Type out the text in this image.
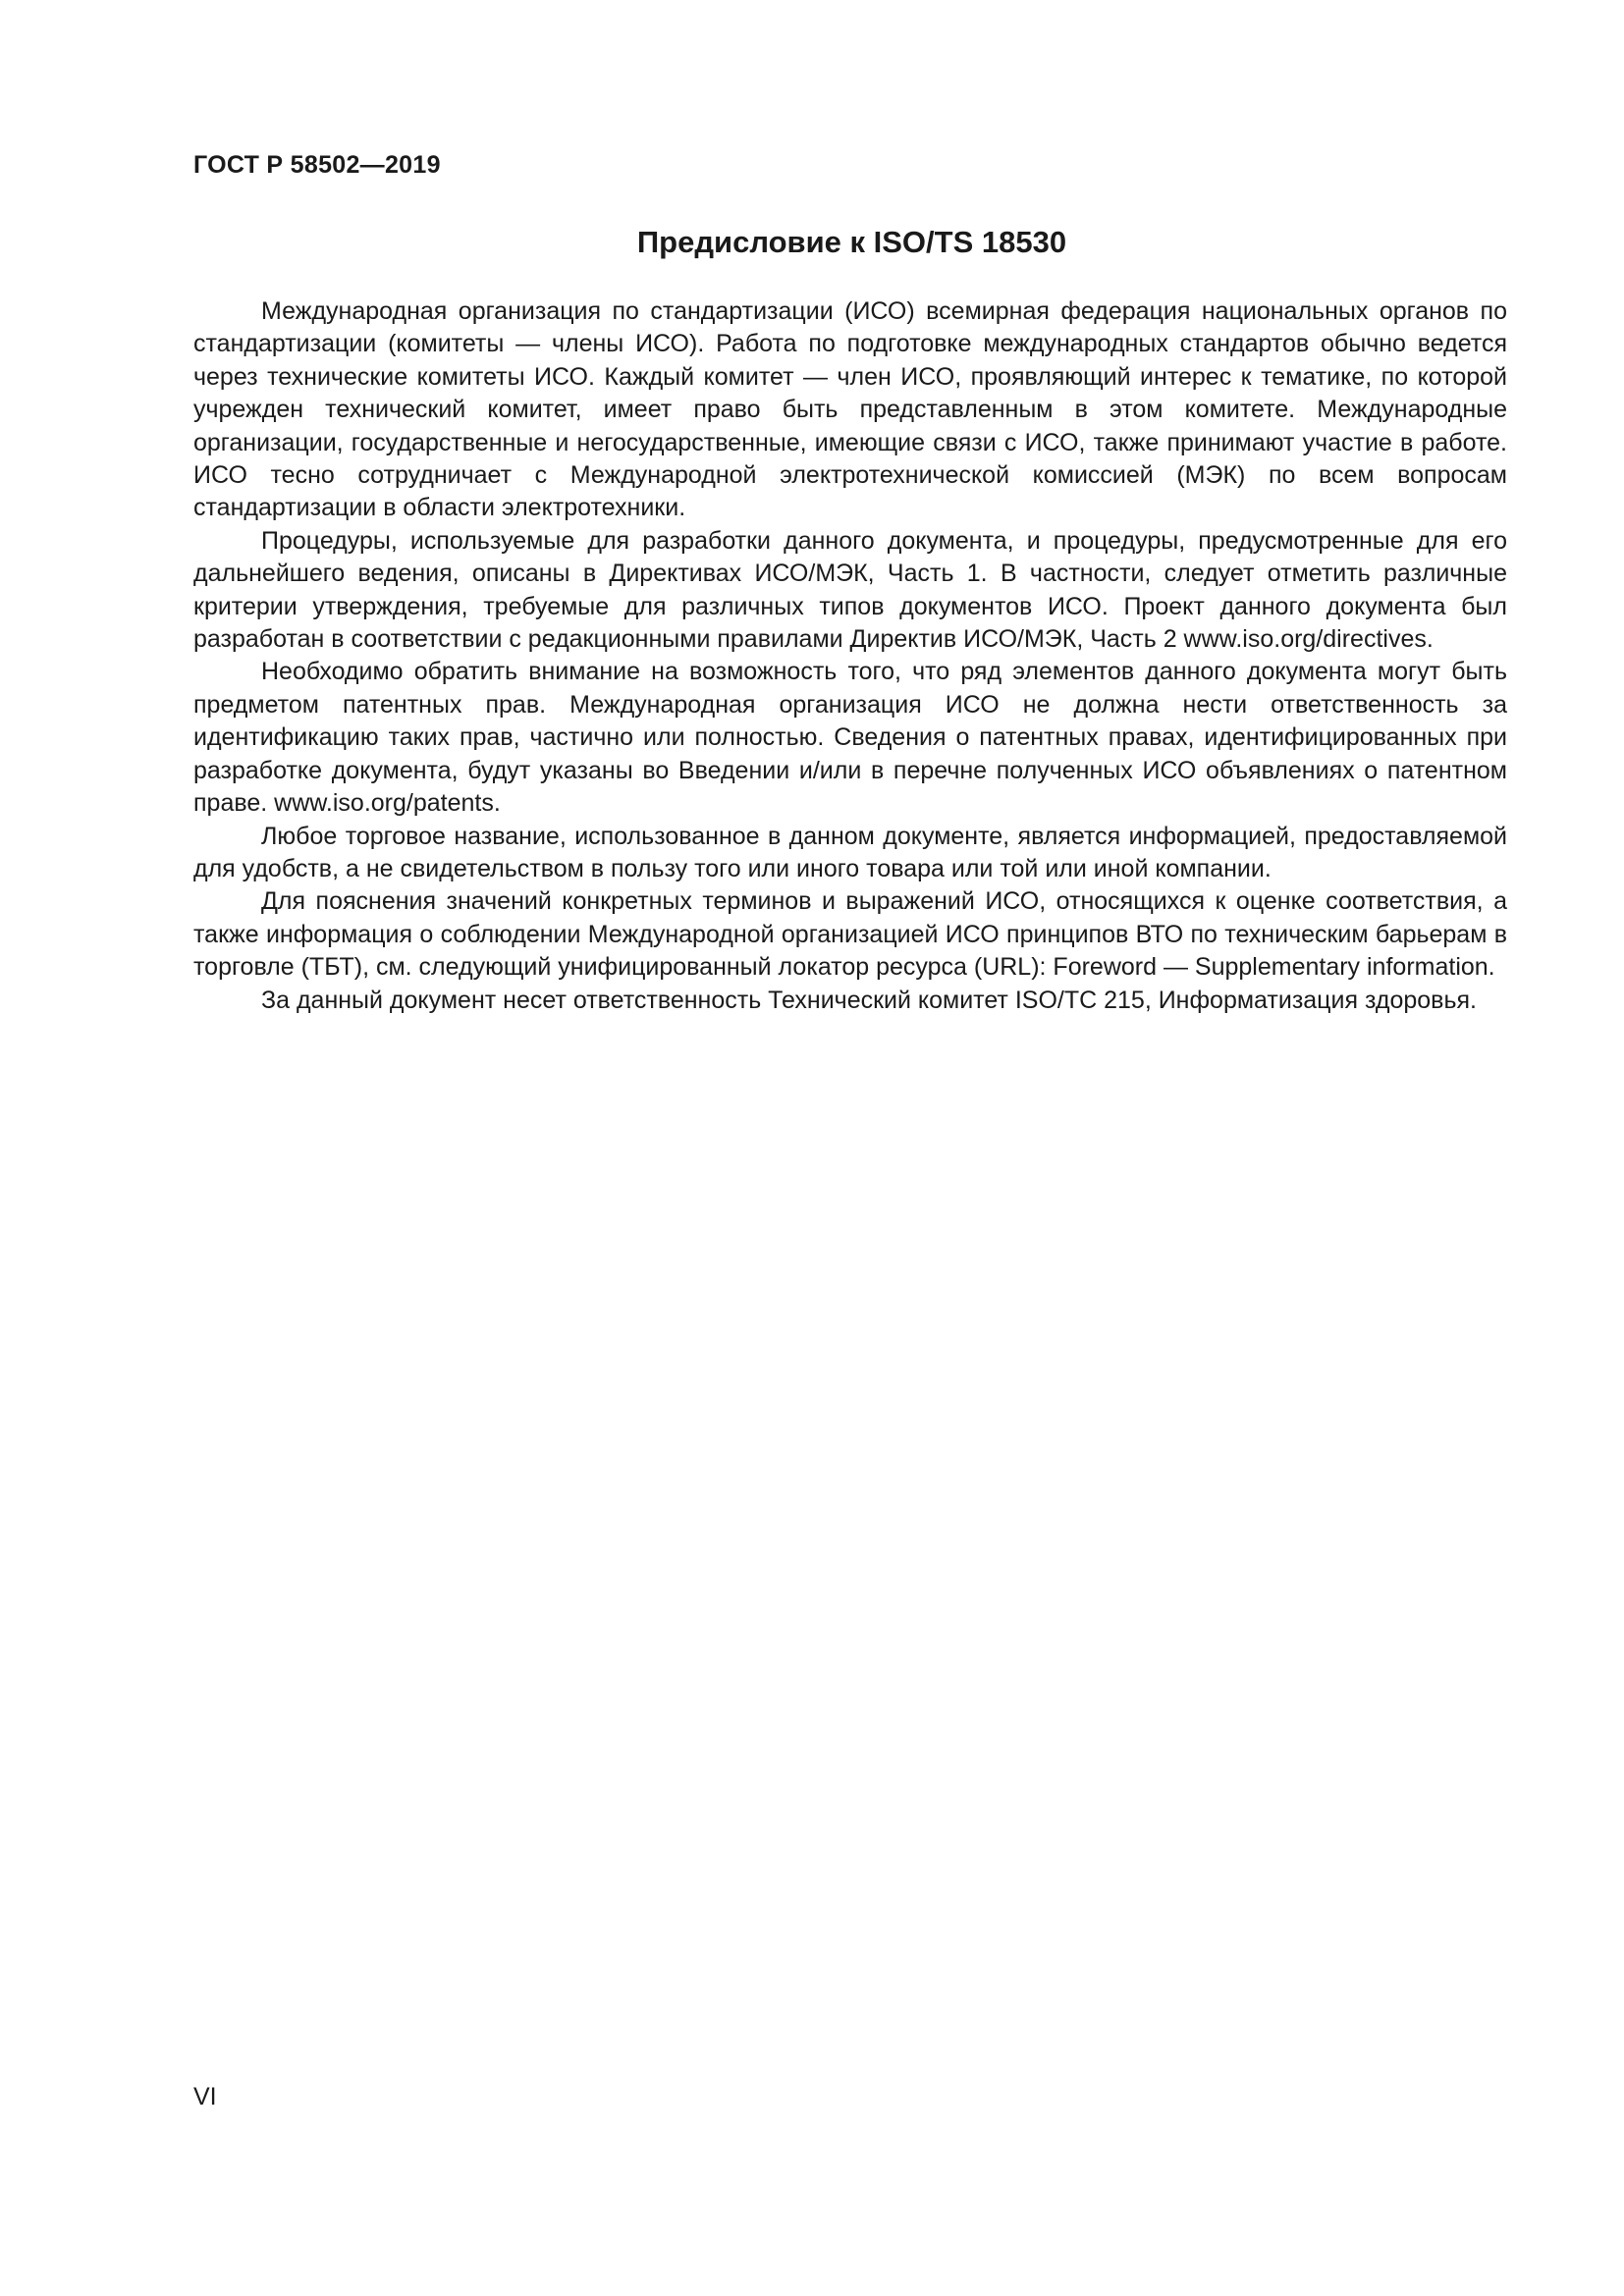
ГОСТ Р 58502—2019
Предисловие к ISO/TS 18530

Международная организация по стандартизации (ИСО) всемирная федерация национальных органов по стандартизации (комитеты — члены ИСО). Работа по подготовке международных стандартов обычно ведется через технические комитеты ИСО. Каждый комитет — член ИСО, проявляющий интерес к тематике, по которой учрежден технический комитет, имеет право быть представленным в этом комитете. Международные организации, государственные и негосударственные, имеющие связи с ИСО, также принимают участие в работе. ИСО тесно сотрудничает с Международной электротехнической комиссией (МЭК) по всем вопросам стандартизации в области электротехники.

Процедуры, используемые для разработки данного документа, и процедуры, предусмотренные для его дальнейшего ведения, описаны в Директивах ИСО/МЭК, Часть 1. В частности, следует отметить различные критерии утверждения, требуемые для различных типов документов ИСО. Проект данного документа был разработан в соответствии с редакционными правилами Директив ИСО/МЭК, Часть 2 www.iso.org/directives.

Необходимо обратить внимание на возможность того, что ряд элементов данного документа могут быть предметом патентных прав. Международная организация ИСО не должна нести ответственность за идентификацию таких прав, частично или полностью. Сведения о патентных правах, идентифицированных при разработке документа, будут указаны во Введении и/или в перечне полученных ИСО объявлениях о патентном праве. www.iso.org/patents.

Любое торговое название, использованное в данном документе, является информацией, предоставляемой для удобств, а не свидетельством в пользу того или иного товара или той или иной компании.

Для пояснения значений конкретных терминов и выражений ИСО, относящихся к оценке соответствия, а также информация о соблюдении Международной организацией ИСО принципов ВТО по техническим барьерам в торговле (ТБТ), см. следующий унифицированный локатор ресурса (URL): Foreword — Supplementary information.

За данный документ несет ответственность Технический комитет ISO/TC 215, Информатизация здоровья.

VI
